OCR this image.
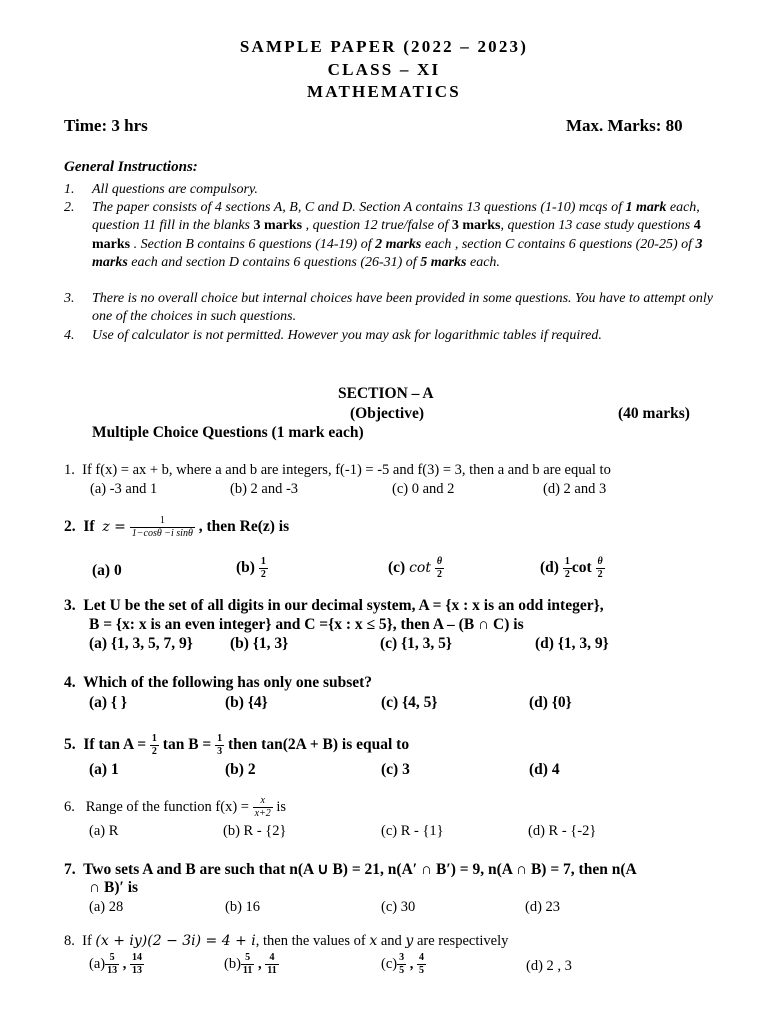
SAMPLE PAPER (2022 – 2023)
CLASS – XI
MATHEMATICS
Time: 3 hrs	Max. Marks: 80
General Instructions:
1. All questions are compulsory.
2. The paper consists of 4 sections A, B, C and D. Section A contains 13 questions (1-10) mcqs of 1 mark each, question 11 fill in the blanks 3 marks , question 12 true/false of 3 marks, question 13 case study questions 4 marks . Section B contains 6 questions (14-19) of 2 marks each , section C contains 6 questions (20-25) of 3 marks each and section D contains 6 questions (26-31) of 5 marks each.
3. There is no overall choice but internal choices have been provided in some questions. You have to attempt only one of the choices in such questions.
4. Use of calculator is not permitted. However you may ask for logarithmic tables if required.
SECTION – A
(Objective)	(40 marks)
Multiple Choice Questions (1 mark each)
1. If f(x) = ax + b, where a and b are integers, f(-1) = -5 and f(3) = 3, then a and b are equal to
(a) -3 and 1	(b) 2 and -3	(c) 0 and 2	(d) 2 and 3
2. If $z = \frac{1}{\text{1−cosθ −i sinθ}}$ , then Re(z) is
(a) 0	$(b) \frac{1}{2}$	(c) $\cot \frac{\theta}{2}$	$(d) \frac{1}{2}$ $\cot \frac{\theta}{2}$
3. Let U be the set of all digits in our decimal system, A = {x : x is an odd integer},
B = {x: x is an even integer} and C ={x : x ≤ 5}, then A – (B ∩ C) is
(a) {1, 3, 5, 7, 9} (b) {1, 3}	(c) {1, 3, 5}	(d) {1, 3, 9}
4. Which of the following has only one subset?
(a) { }	(b) {4}	(c) {4, 5}	(d) {0}
5. If $\tan A = \frac{1}{2}$ $\tan B = \frac{1}{3}$ then tan(2A + B) is equal to
(a) 1	(b) 2	(c) 3	(d) 4
6. Range of the function $f(x) = \frac{x}{x+2}$ is
(a) R	(b) R - {2}	(c) R - {1}	(d) R - {-2}
7. Two sets A and B are such that n(A ∪ B) = 21, n(A′ ∩ B′) = 9, n(A ∩ B) = 7, then n(A
∩ B)′ is
(a) 28	(b) 16	(c) 30	(d) 23
8. If (x + iy)(2 − 3i) = 4 + i, then the values of x and y are respectively
$(a) \frac{5}{13}$ , $\frac{14}{13}$	$(b) \frac{5}{11}$ , $\frac{4}{11}$	$(c) \frac{3}{5}$ , $\frac{4}{5}$	(d) 2 , 3
